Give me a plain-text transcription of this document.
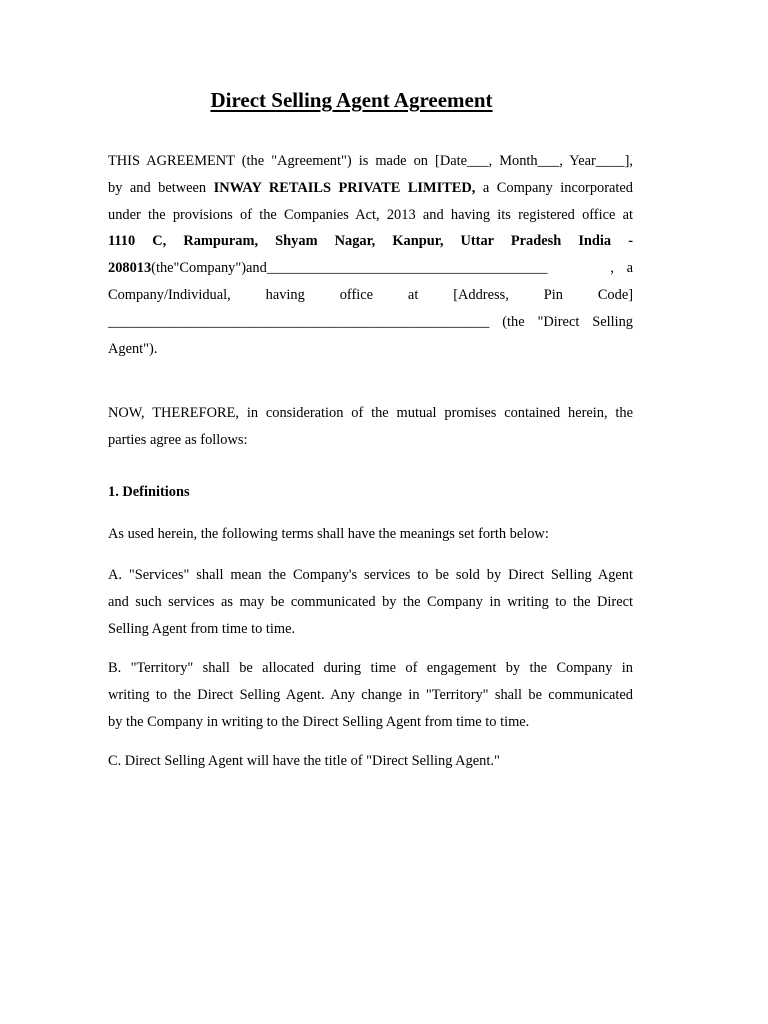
Direct Selling Agent Agreement
THIS AGREEMENT (the "Agreement") is made on [Date___, Month___, Year____],
by and between INWAY RETAILS PRIVATE LIMITED, a Company incorporated
under the provisions of the Companies Act, 2013 and having its registered office at
1110 C, Rampuram, Shyam Nagar, Kanpur, Uttar Pradesh India -
208013(the"Company")and_______________________________________	, a
Company/Individual, having office at [Address, Pin Code]
_____________________________________________________ (the "Direct Selling
Agent").
NOW, THEREFORE, in consideration of the mutual promises contained herein, the
parties agree as follows:

1. Definitions

As used herein, the following terms shall have the meanings set forth below:
A. "Services" shall mean the Company's services to be sold by Direct Selling Agent
and such services as may be communicated by the Company in writing to the Direct
Selling Agent from time to time.
B. "Territory" shall be allocated during time of engagement by the Company in
writing to the Direct Selling Agent. Any change in "Territory" shall be communicated
by the Company in writing to the Direct Selling Agent from time to time.
C. Direct Selling Agent will have the title of "Direct Selling Agent."
